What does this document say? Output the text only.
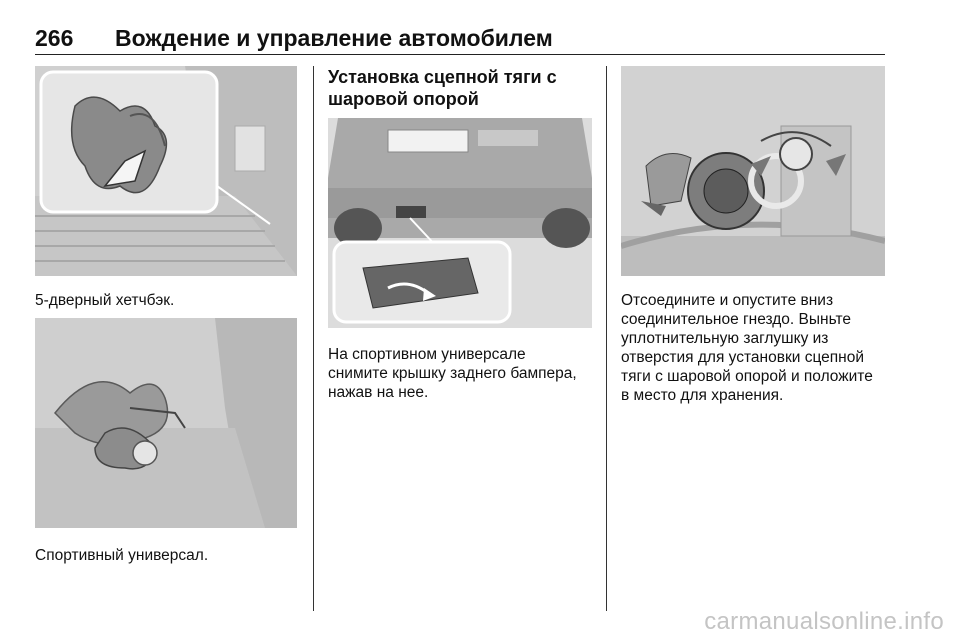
266 Вождение и управление автомобилем
5-дверный хетчбэк.
Спортивный универсал.
Установка сцепной тяги с
шаровой опорой
На спортивном универсале
снимите крышку заднего бампера,
нажав на нее.
Отсоедините и опустите вниз
соединительное гнездо. Выньте
уплотнительную заглушку из
отверстия для установки сцепной
тяги с шаровой опорой и положите
в место для хранения.
carmanualsonline.info
